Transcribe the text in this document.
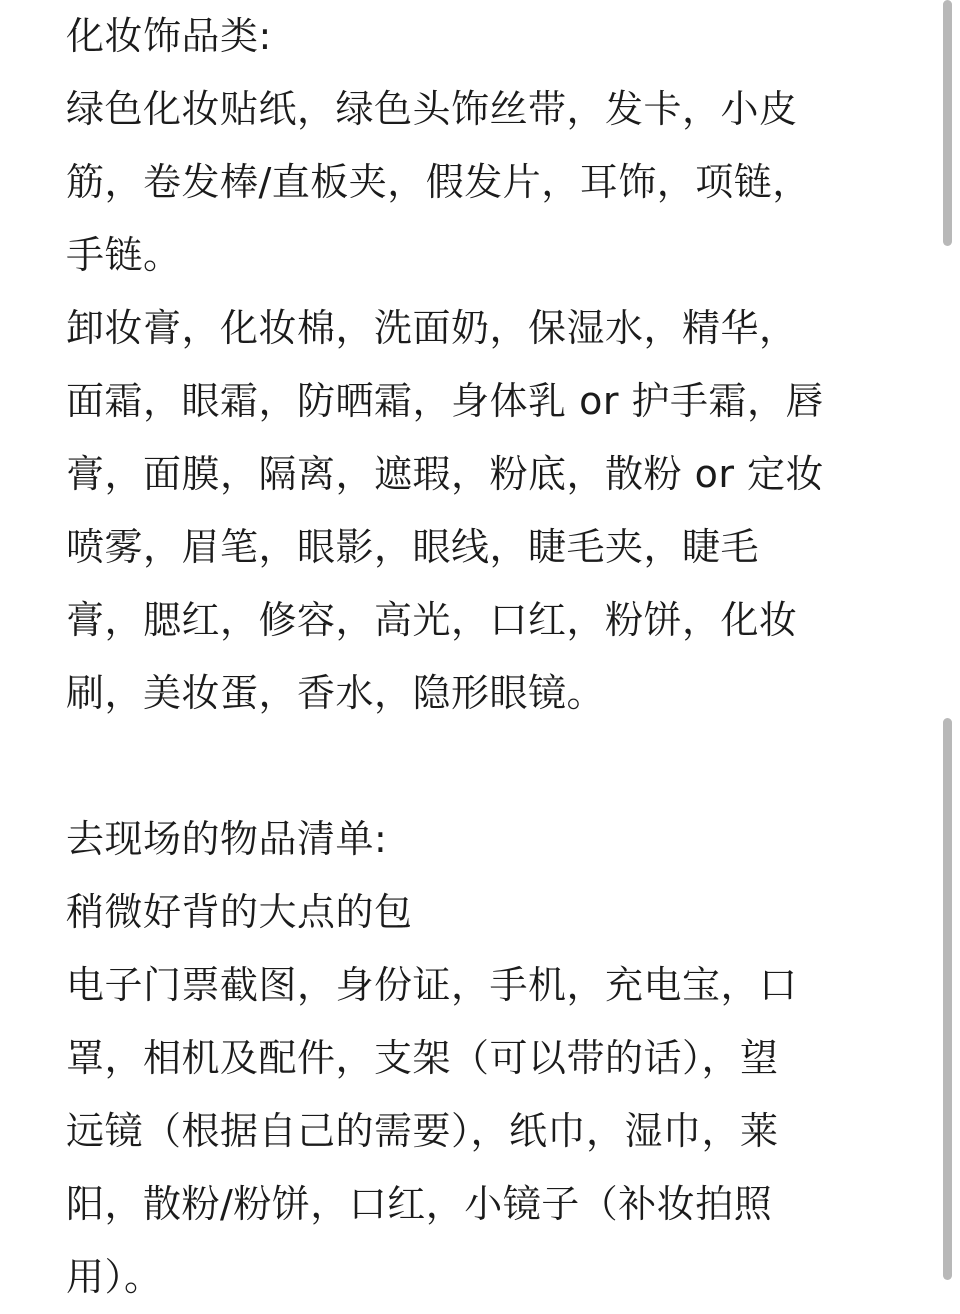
化妆饰品类:
绿色化妆贴纸，绿色头饰丝带，发卡，小皮
筋，卷发棒/直板夹，假发片，耳饰，项链，
手链。
卸妆膏，化妆棉，洗面奶，保湿水，精华，
面霜，眼霜，防晒霜，身体乳 or 护手霜，唇
膏，面膜，隔离，遮瑕，粉底，散粉 or 定妆
喷雾，眉笔，眼影，眼线，睫毛夹，睫毛
膏，腮红，修容，高光，口红，粉饼，化妆
刷，美妆蛋，香水，隐形眼镜。
去现场的物品清单:
稍微好背的大点的包
电子门票截图，身份证，手机，充电宝，口
罩，相机及配件，支架（可以带的话），望
远镜（根据自己的需要），纸巾，湿巾，莱
阳，散粉/粉饼，口红，小镜子（补妆拍照
用）。
